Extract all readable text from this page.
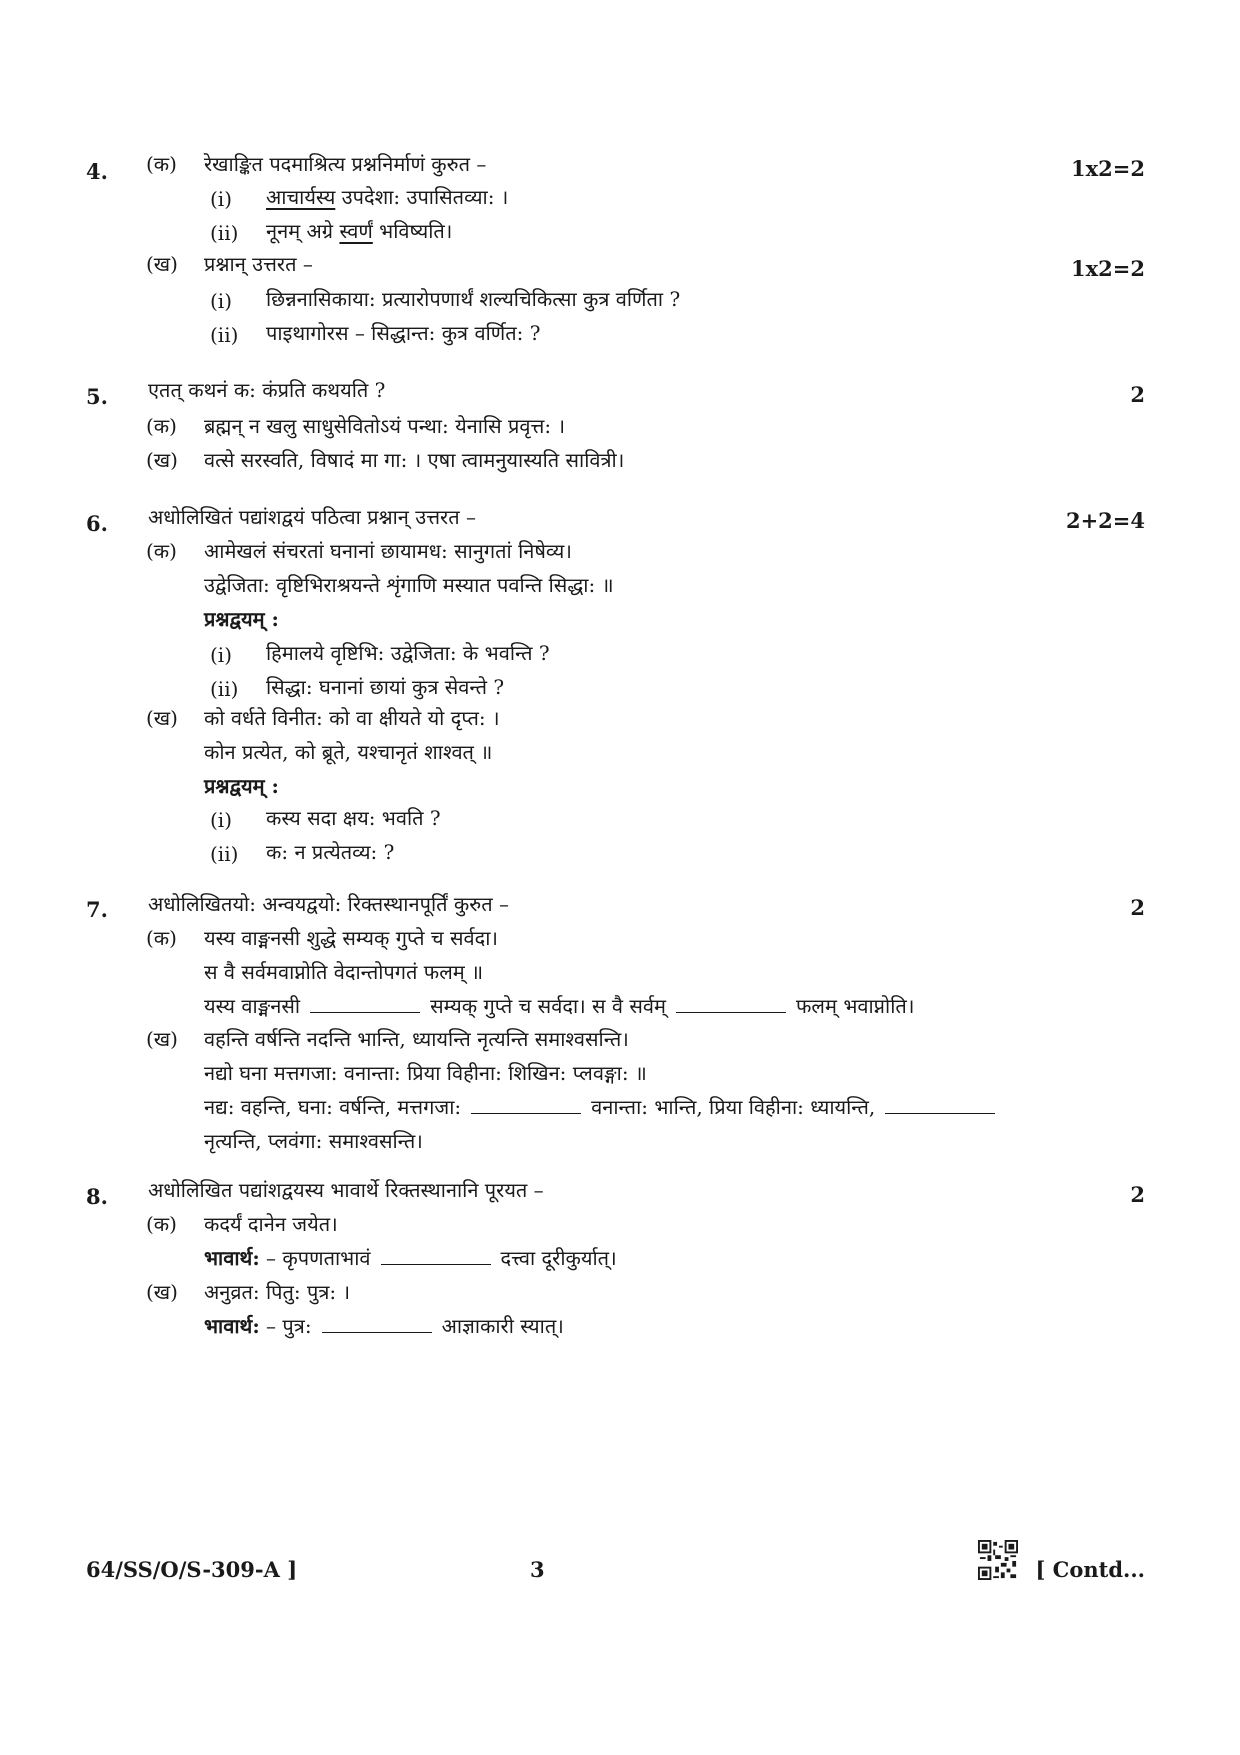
4. (क) रेखाङ्कित पदमाश्रित्य प्रश्ननिर्माणं कुरुत –	1x2=2
(i) आचार्यस्य उपदेशा: उपासितव्या: ।
(ii) नूनम् अग्रे स्वर्णं भविष्यति।
(ख) प्रश्नान् उत्तरत –	1x2=2
(i) छिन्ननासिकाया: प्रत्यारोपणार्थं शल्यचिकित्सा कुत्र वर्णिता ?
(ii) पाइथागोरस – सिद्धान्त: कुत्र वर्णित: ?
5. एतत् कथनं क: कंप्रति कथयति ?	2
(क) ब्रह्मन् न खलु साधुसेवितोऽयं पन्था: येनासि प्रवृत्त: ।
(ख) वत्से सरस्वति, विषादं मा गा: । एषा त्वामनुयास्यति सावित्री।
6. अधोलिखितं पद्यांशद्वयं पठित्वा प्रश्नान् उत्तरत –	2+2=4
(क) आमेखलं संचरतां घनानां छायामध: सानुगतां निषेव्य।
उद्वेजिता: वृष्टिभिराश्रयन्ते शृंगाणि मस्यात पवन्ति सिद्धा: ॥
प्रश्नद्वयम् :
(i) हिमालये वृष्टिभि: उद्वेजिता: के भवन्ति ?
(ii) सिद्धा: घनानां छायां कुत्र सेवन्ते ?
(ख) को वर्धते विनीत: को वा क्षीयते यो दृप्त: ।
कोन प्रत्येत, को ब्रूते, यश्चानृतं शाश्वत् ॥
प्रश्नद्वयम् :
(i) कस्य सदा क्षय: भवति ?
(ii) क: न प्रत्येतव्य: ?
7. अधोलिखितयो: अन्वयद्वयो: रिक्तस्थानपूर्तिं कुरुत –	2
(क) यस्य वाङ्मनसी शुद्धे सम्यक् गुप्ते च सर्वदा।
स वै सर्वमवाप्नोति वेदान्तोपगतं फलम् ॥
यस्य वाङ्मनसी	सम्यक् गुप्ते च सर्वदा। स वै सर्वम्	फलम् भवाप्नोति।
(ख) वहन्ति वर्षन्ति नदन्ति भान्ति, ध्यायन्ति नृत्यन्ति समाश्वसन्ति।
नद्यो घना मत्तगजा: वनान्ता: प्रिया विहीना: शिखिन: प्लवङ्गा: ॥
नद्य: वहन्ति, घना: वर्षन्ति, मत्तगजा:	वनान्ता: भान्ति, प्रिया विहीना: ध्यायन्ति,
नृत्यन्ति, प्लवंगा: समाश्वसन्ति।
8. अधोलिखित पद्यांशद्वयस्य भावार्थे रिक्तस्थानानि पूरयत –	2
(क) कदर्यं दानेन जयेत।
भावार्थ: – कृपणताभावं	दत्त्वा दूरीकुर्यात्।
(ख) अनुव्रत: पितु: पुत्र: ।
भावार्थ: – पुत्र:	आज्ञाकारी स्यात्।
64/SS/O/S-309-A ]	3	[ Contd...
